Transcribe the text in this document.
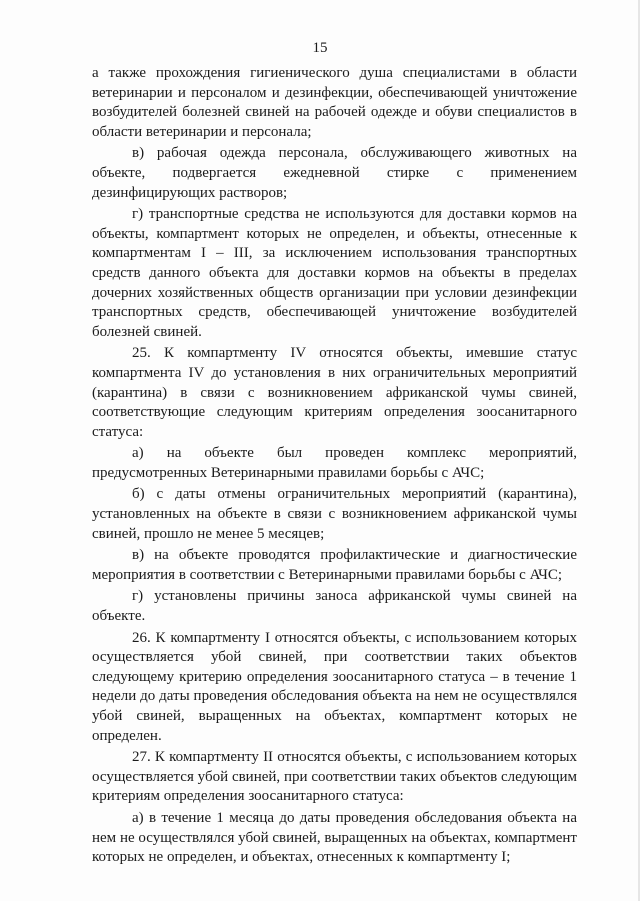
15

а также прохождения гигиенического душа специалистами в области ветеринарии и персоналом и дезинфекции, обеспечивающей уничтожение возбудителей болезней свиней на рабочей одежде и обуви специалистов в области ветеринарии и персонала;

в) рабочая одежда персонала, обслуживающего животных на объекте, подвергается ежедневной стирке с применением дезинфицирующих растворов;

г) транспортные средства не используются для доставки кормов на объекты, компартмент которых не определен, и объекты, отнесенные к компартментам I – III, за исключением использования транспортных средств данного объекта для доставки кормов на объекты в пределах дочерних хозяйственных обществ организации при условии дезинфекции транспортных средств, обеспечивающей уничтожение возбудителей болезней свиней.

25. К компартменту IV относятся объекты, имевшие статус компартмента IV до установления в них ограничительных мероприятий (карантина) в связи с возникновением африканской чумы свиней, соответствующие следующим критериям определения зоосанитарного статуса:

а) на объекте был проведен комплекс мероприятий, предусмотренных Ветеринарными правилами борьбы с АЧС;

б) с даты отмены ограничительных мероприятий (карантина), установленных на объекте в связи с возникновением африканской чумы свиней, прошло не менее 5 месяцев;

в) на объекте проводятся профилактические и диагностические мероприятия в соответствии с Ветеринарными правилами борьбы с АЧС;

г) установлены причины заноса африканской чумы свиней на объекте.

26. К компартменту I относятся объекты, с использованием которых осуществляется убой свиней, при соответствии таких объектов следующему критерию определения зоосанитарного статуса – в течение 1 недели до даты проведения обследования объекта на нем не осуществлялся убой свиней, выращенных на объектах, компартмент которых не определен.

27. К компартменту II относятся объекты, с использованием которых осуществляется убой свиней, при соответствии таких объектов следующим критериям определения зоосанитарного статуса:

а) в течение 1 месяца до даты проведения обследования объекта на нем не осуществлялся убой свиней, выращенных на объектах, компартмент которых не определен, и объектах, отнесенных к компартменту I;
